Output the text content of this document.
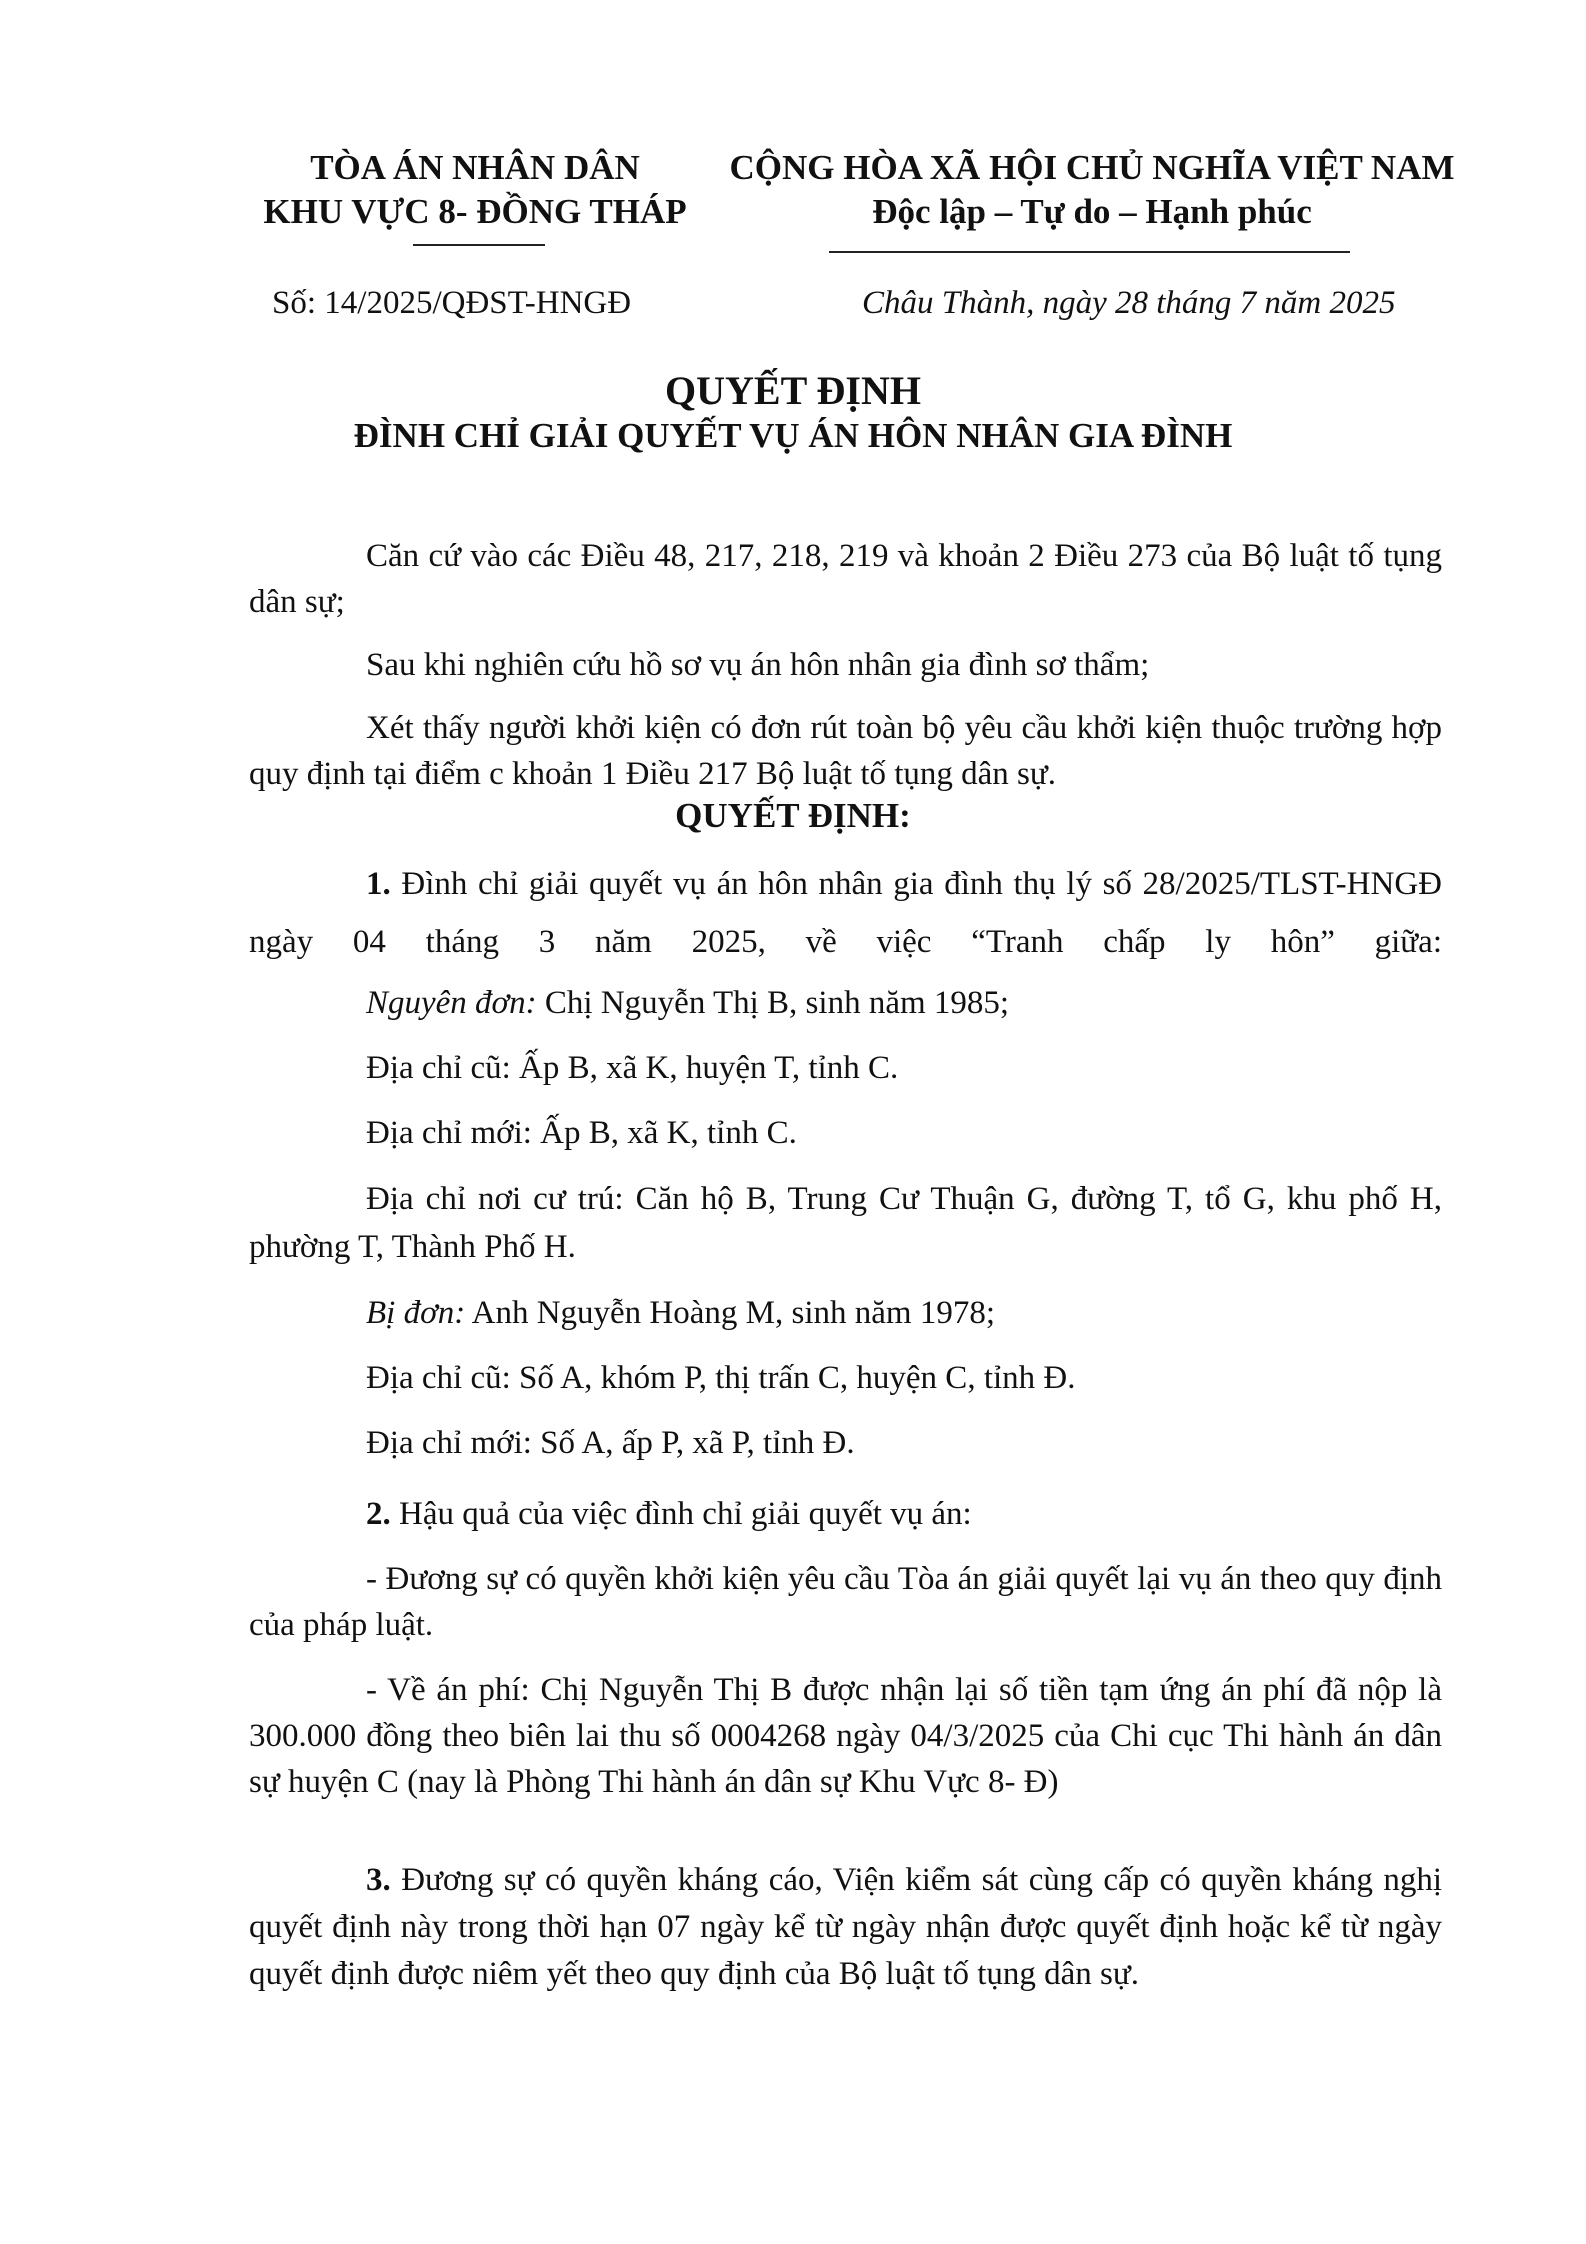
TÒA ÁN NHÂN DÂN
KHU VỰC 8- ĐỒNG THÁP
CỘNG HÒA XÃ HỘI CHỦ NGHĨA VIỆT NAM
Độc lập – Tự do – Hạnh phúc
Số: 14/2025/QĐST-HNGĐ	Châu Thành, ngày 28 tháng 7 năm 2025
QUYẾT ĐỊNH
ĐÌNH CHỈ GIẢI QUYẾT VỤ ÁN HÔN NHÂN GIA ĐÌNH

Căn cứ vào các Điều 48, 217, 218, 219 và khoản 2 Điều 273 của Bộ luật tố tụng dân sự;

Sau khi nghiên cứu hồ sơ vụ án hôn nhân gia đình sơ thẩm;

Xét thấy người khởi kiện có đơn rút toàn bộ yêu cầu khởi kiện thuộc trường hợp quy định tại điểm c khoản 1 Điều 217 Bộ luật tố tụng dân sự.

QUYẾT ĐỊNH:

1. Đình chỉ giải quyết vụ án hôn nhân gia đình thụ lý số 28/2025/TLST-HNGĐ ngày 04 tháng 3 năm 2025, về việc “Tranh chấp ly hôn” giữa:

Nguyên đơn: Chị Nguyễn Thị B, sinh năm 1985;

Địa chỉ cũ: Ấp B, xã K, huyện T, tỉnh C.

Địa chỉ mới: Ấp B, xã K, tỉnh C.

Địa chỉ nơi cư trú: Căn hộ B, Trung Cư Thuận G, đường T, tổ G, khu phố H, phường T, Thành Phố H.

Bị đơn: Anh Nguyễn Hoàng M, sinh năm 1978;

Địa chỉ cũ: Số A, khóm P, thị trấn C, huyện C, tỉnh Đ.

Địa chỉ mới: Số A, ấp P, xã P, tỉnh Đ.

2. Hậu quả của việc đình chỉ giải quyết vụ án:

- Đương sự có quyền khởi kiện yêu cầu Tòa án giải quyết lại vụ án theo quy định của pháp luật.

- Về án phí: Chị Nguyễn Thị B được nhận lại số tiền tạm ứng án phí đã nộp là 300.000 đồng theo biên lai thu số 0004268 ngày 04/3/2025 của Chi cục Thi hành án dân sự huyện C (nay là Phòng Thi hành án dân sự Khu Vực 8- Đ)

3. Đương sự có quyền kháng cáo, Viện kiểm sát cùng cấp có quyền kháng nghị quyết định này trong thời hạn 07 ngày kể từ ngày nhận được quyết định hoặc kể từ ngày quyết định được niêm yết theo quy định của Bộ luật tố tụng dân sự.
